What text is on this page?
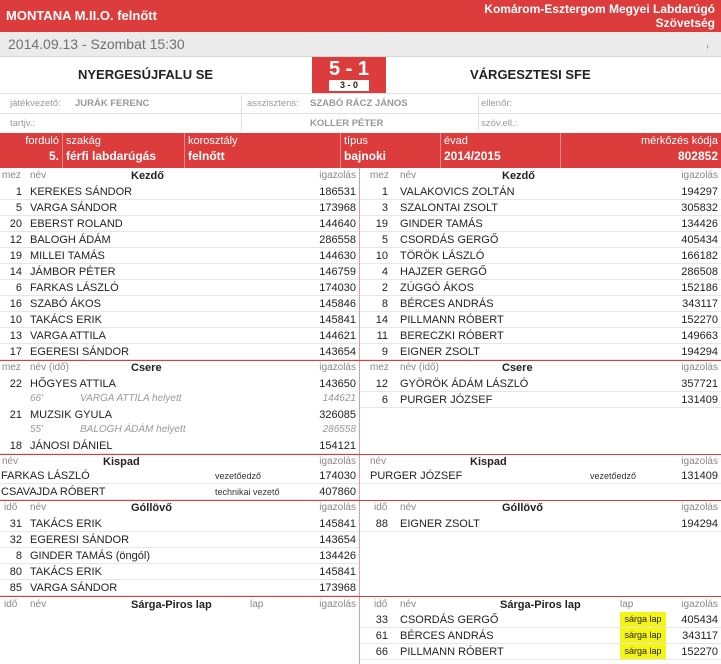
MONTANA M.II.O. felnőtt	Komárom-Esztergom Megyei Labdarúgó Szövetség
2014.09.13 - Szombat 15:30	,
NYERGESÚJFALU SE	5 - 1
3 - 0
VÁRGESZTESI SFE
játékvezető: JURÁK FERENC	asszisztens: SZABÓ RÁCZ JÁNOS
KOLLER PÉTER
ellenőr:
tartjv.:	szöv.ell.:
forduló
5.
szakág
férfi labdarúgás
korosztály
felnőtt
típus
bajnoki
évad
2014/2015
mérkőzés kódja
802852
mez név	Kezdő	igazolás mez név	Kezdő	igazolás
1 KEREKES SÁNDOR	186531
5 VARGA SÁNDOR	173968
20 EBERST ROLAND	144640
12 BALOGH ÁDÁM	286558
19 MILLEI TAMÁS	144630
14 JÁMBOR PÉTER	146759
6 FARKAS LÁSZLÓ	174030
16 SZABÓ ÁKOS	145846
10 TAKÁCS ERIK	145841
13 VARGA ATTILA	144621
17 EGERESI SÁNDOR	143654
1 VALAKOVICS ZOLTÁN	194297
3 SZALONTAI ZSOLT	305832
19 GINDER TAMÁS	134426
5 CSORDÁS GERGŐ	405434
10 TÖRÖK LÁSZLÓ	166182
4 HAJZER GERGŐ	286508
2 ZÚGGÓ ÁKOS	152186
8 BÉRCES ANDRÁS	343117
14 PILLMANN RÓBERT	152270
11 BERECZKI RÓBERT	149663
9 EIGNER ZSOLT	194294
mez név (idő)	Csere	igazolás mez név (idő)	Csere	igazolás
22 HŐGYES ATTILA	143650
66'	VARGA ATTILA helyett	144621
21 MUZSIK GYULA	326085
55'	BALOGH ÁDÁM helyett	286558
18 JÁNOSI DÁNIEL	154121
12 GYÖRÖK ÁDÁM LÁSZLÓ	357721
6 PURGER JÓZSEF	131409
név	Kispad	igazolás név	Kispad	igazolás
FARKAS LÁSZLÓ	vezetőedző	174030
CSAVAJDA RÓBERT	technikai vezető	407860
PURGER JÓZSEF	vezetőedző	131409
idő név	Góllövő	igazolás idő név	Góllövő	igazolás
31 TAKÁCS ERIK	145841
32 EGERESI SÁNDOR	143654
8 GINDER TAMÁS (öngól)	134426
80 TAKÁCS ERIK	145841
85 VARGA SÁNDOR	173968
88 EIGNER ZSOLT	194294
idő név	Sárga-Piros lap	lap	igazolás idő név	Sárga-Piros lap	lap	igazolás
33 CSORDÁS GERGŐ	sárga lap	405434
61 BÉRCES ANDRÁS	sárga lap	343117
66 PILLMANN RÓBERT	sárga lap	152270
